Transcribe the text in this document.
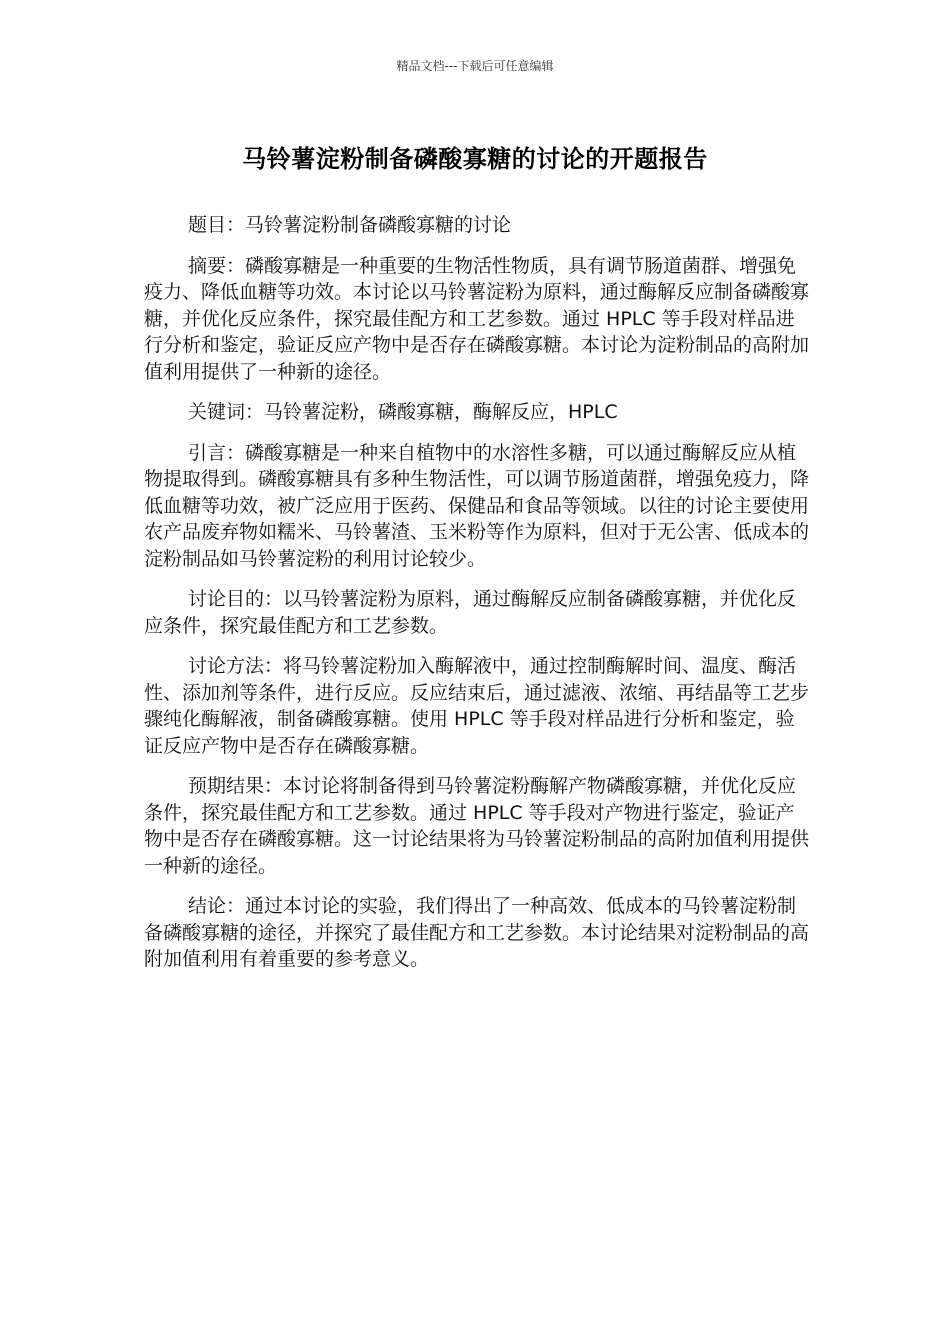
精品文档---下载后可任意编辑
马铃薯淀粉制备磷酸寡糖的讨论的开题报告

题目：马铃薯淀粉制备磷酸寡糖的讨论

摘要：磷酸寡糖是一种重要的生物活性物质，具有调节肠道菌群、增强免疫力、降低血糖等功效。本讨论以马铃薯淀粉为原料，通过酶解反应制备磷酸寡糖，并优化反应条件，探究最佳配方和工艺参数。通过 HPLC 等手段对样品进行分析和鉴定，验证反应产物中是否存在磷酸寡糖。本讨论为淀粉制品的高附加值利用提供了一种新的途径。

关键词：马铃薯淀粉，磷酸寡糖，酶解反应，HPLC

引言：磷酸寡糖是一种来自植物中的水溶性多糖，可以通过酶解反应从植物提取得到。磷酸寡糖具有多种生物活性，可以调节肠道菌群，增强免疫力，降低血糖等功效，被广泛应用于医药、保健品和食品等领域。以往的讨论主要使用农产品废弃物如糯米、马铃薯渣、玉米粉等作为原料，但对于无公害、低成本的淀粉制品如马铃薯淀粉的利用讨论较少。

讨论目的：以马铃薯淀粉为原料，通过酶解反应制备磷酸寡糖，并优化反应条件，探究最佳配方和工艺参数。

讨论方法：将马铃薯淀粉加入酶解液中，通过控制酶解时间、温度、酶活性、添加剂等条件，进行反应。反应结束后，通过滤液、浓缩、再结晶等工艺步骤纯化酶解液，制备磷酸寡糖。使用 HPLC 等手段对样品进行分析和鉴定，验证反应产物中是否存在磷酸寡糖。

预期结果：本讨论将制备得到马铃薯淀粉酶解产物磷酸寡糖，并优化反应条件，探究最佳配方和工艺参数。通过 HPLC 等手段对产物进行鉴定，验证产物中是否存在磷酸寡糖。这一讨论结果将为马铃薯淀粉制品的高附加值利用提供一种新的途径。

结论：通过本讨论的实验，我们得出了一种高效、低成本的马铃薯淀粉制备磷酸寡糖的途径，并探究了最佳配方和工艺参数。本讨论结果对淀粉制品的高附加值利用有着重要的参考意义。
